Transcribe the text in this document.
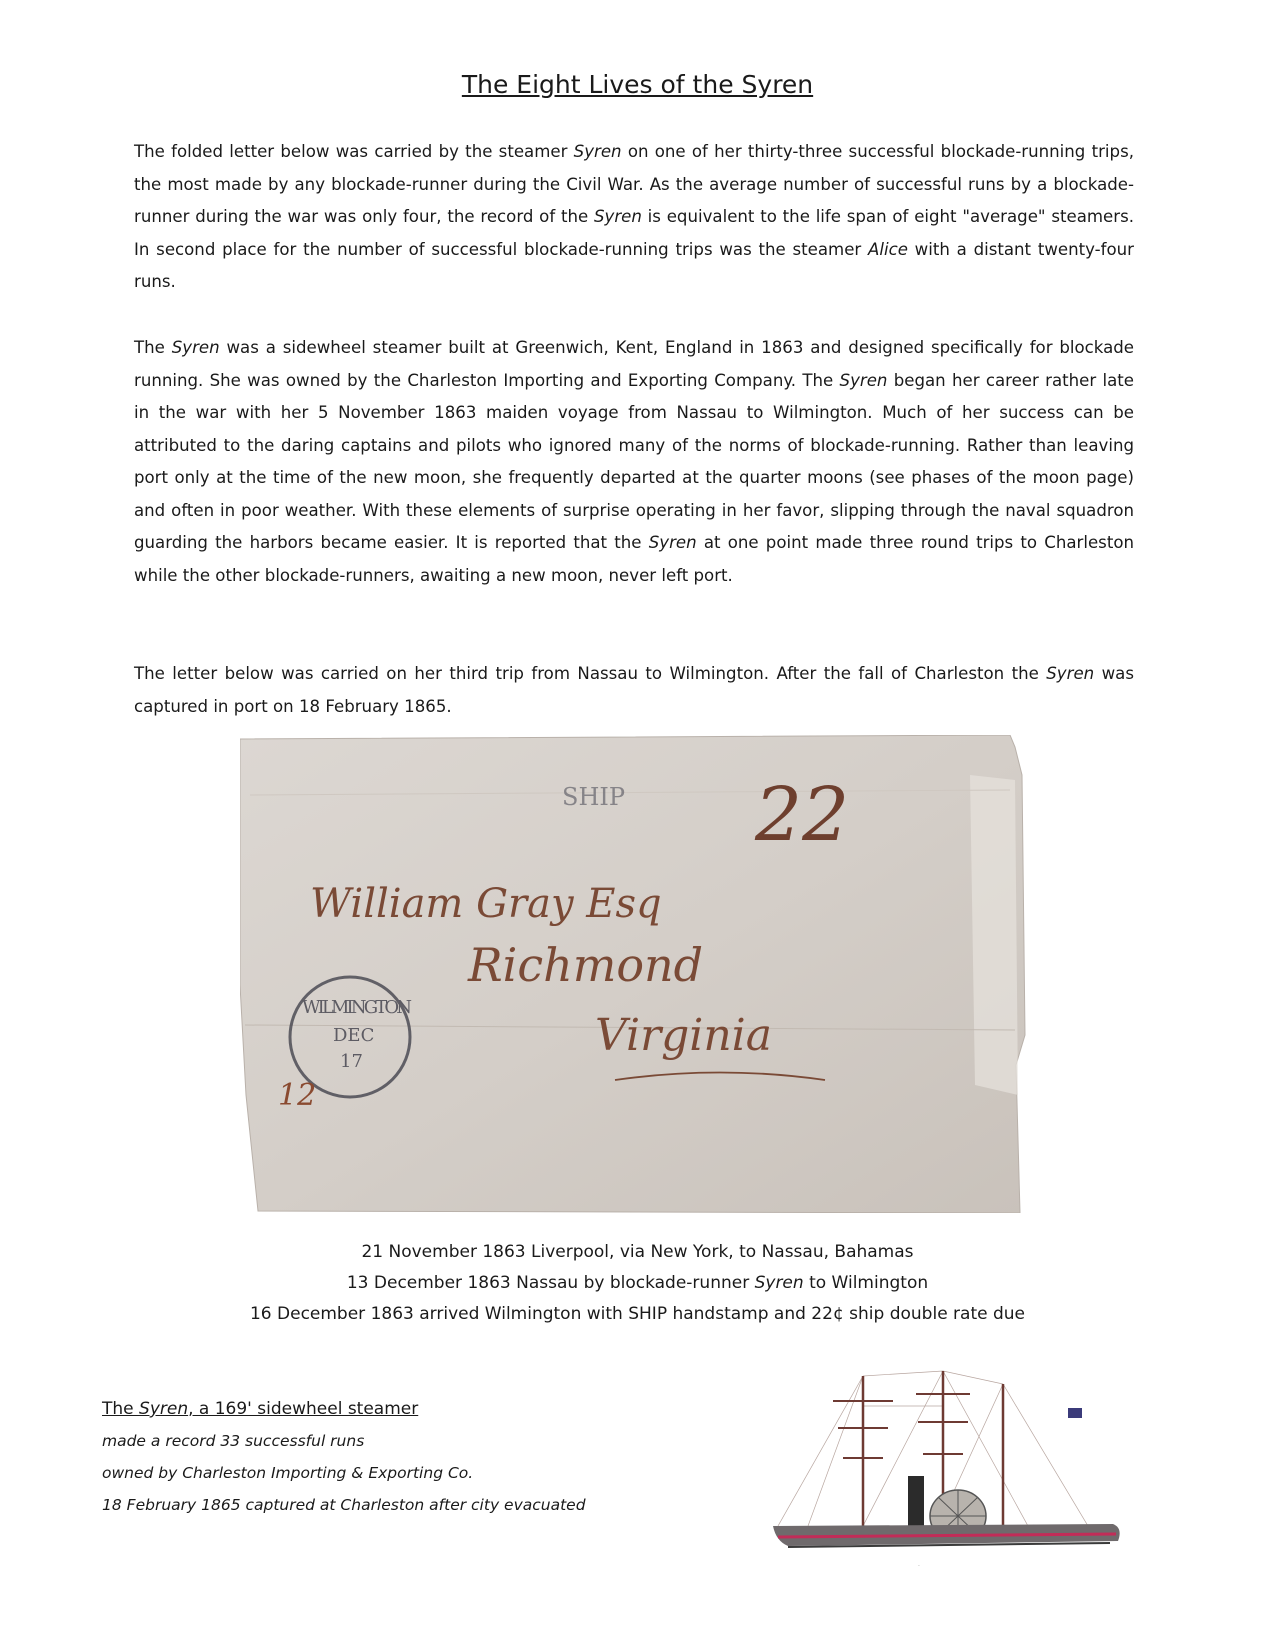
The Eight Lives of the Syren
The folded letter below was carried by the steamer Syren on one of her thirty-three successful blockade-running trips, the most made by any blockade-runner during the Civil War. As the average number of successful runs by a blockade-runner during the war was only four, the record of the Syren is equivalent to the life span of eight "average" steamers. In second place for the number of successful blockade-running trips was the steamer Alice with a distant twenty-four runs.
The Syren was a sidewheel steamer built at Greenwich, Kent, England in 1863 and designed specifically for blockade running. She was owned by the Charleston Importing and Exporting Company. The Syren began her career rather late in the war with her 5 November 1863 maiden voyage from Nassau to Wilmington. Much of her success can be attributed to the daring captains and pilots who ignored many of the norms of blockade-running. Rather than leaving port only at the time of the new moon, she frequently departed at the quarter moons (see phases of the moon page) and often in poor weather. With these elements of surprise operating in her favor, slipping through the naval squadron guarding the harbors became easier. It is reported that the Syren at one point made three round trips to Charleston while the other blockade-runners, awaiting a new moon, never left port.
The letter below was carried on her third trip from Nassau to Wilmington. After the fall of Charleston the Syren was captured in port on 18 February 1865.
SHIP 22
William Gray Esq
Richmond
Virginia
WILMINGTON
DEC
17
12
21 November 1863 Liverpool, via New York, to Nassau, Bahamas
13 December 1863 Nassau by blockade-runner Syren to Wilmington
16 December 1863 arrived Wilmington with SHIP handstamp and 22¢ ship double rate due
The Syren, a 169' sidewheel steamer
made a record 33 successful runs
owned by Charleston Importing & Exporting Co.
18 February 1865 captured at Charleston after city evacuated
.
